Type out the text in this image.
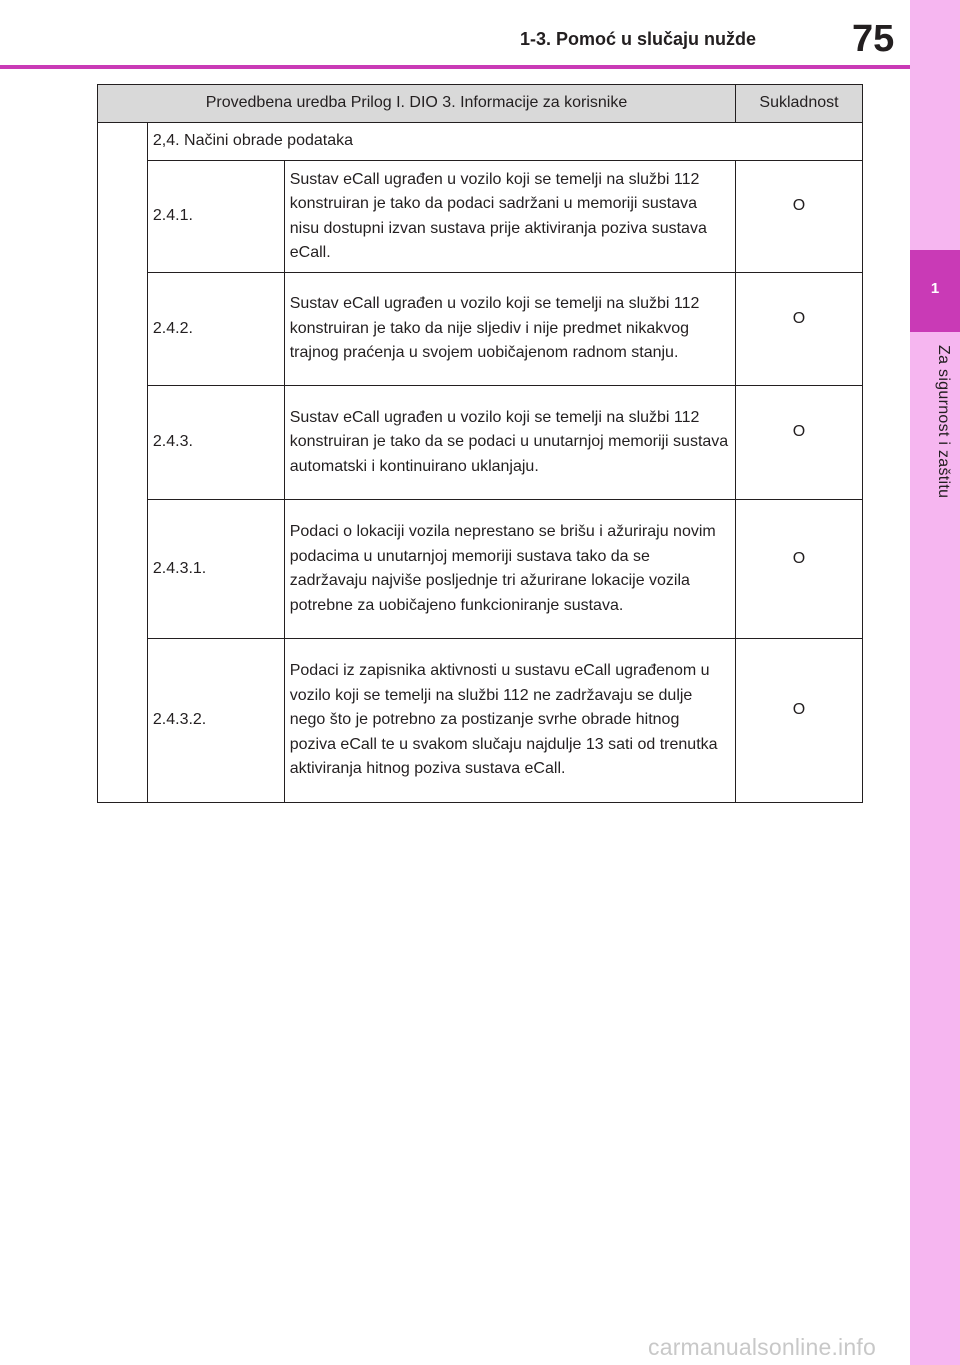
1
Za sigurnost i zaštitu
1-3. Pomoć u slučaju nužde	75
Provedbena uredba Prilog I. DIO 3. Informacije za korisnike			Sukladnost
	2,4. Načini obrade podataka		
	2.4.1.	Sustav eCall ugrađen u vozilo koji se temelji na službi 112 konstruiran je tako da podaci sadržani u memoriji sustava nisu dostupni izvan sustava prije aktiviranja poziva sustava eCall.	O
	2.4.2.	Sustav eCall ugrađen u vozilo koji se temelji na službi 112 konstruiran je tako da nije sljediv i nije predmet nikakvog trajnog praćenja u svojem uobičajenom radnom stanju.	O
	2.4.3.	Sustav eCall ugrađen u vozilo koji se temelji na službi 112 konstruiran je tako da se podaci u unutarnjoj memoriji sustava automatski i kontinuirano uklanjaju.	O
	2.4.3.1.	Podaci o lokaciji vozila neprestano se brišu i ažuriraju novim podacima u unutarnjoj memoriji sustava tako da se zadržavaju najviše posljednje tri ažurirane lokacije vozila potrebne za uobičajeno funkcioniranje sustava.	O
	2.4.3.2.	Podaci iz zapisnika aktivnosti u sustavu eCall ugrađenom u vozilo koji se temelji na službi 112 ne zadržavaju se dulje nego što je potrebno za postizanje svrhe obrade hitnog poziva eCall te u svakom slučaju najdulje 13 sati od trenutka aktiviranja hitnog poziva sustava eCall.	O
carmanualsonline.info
